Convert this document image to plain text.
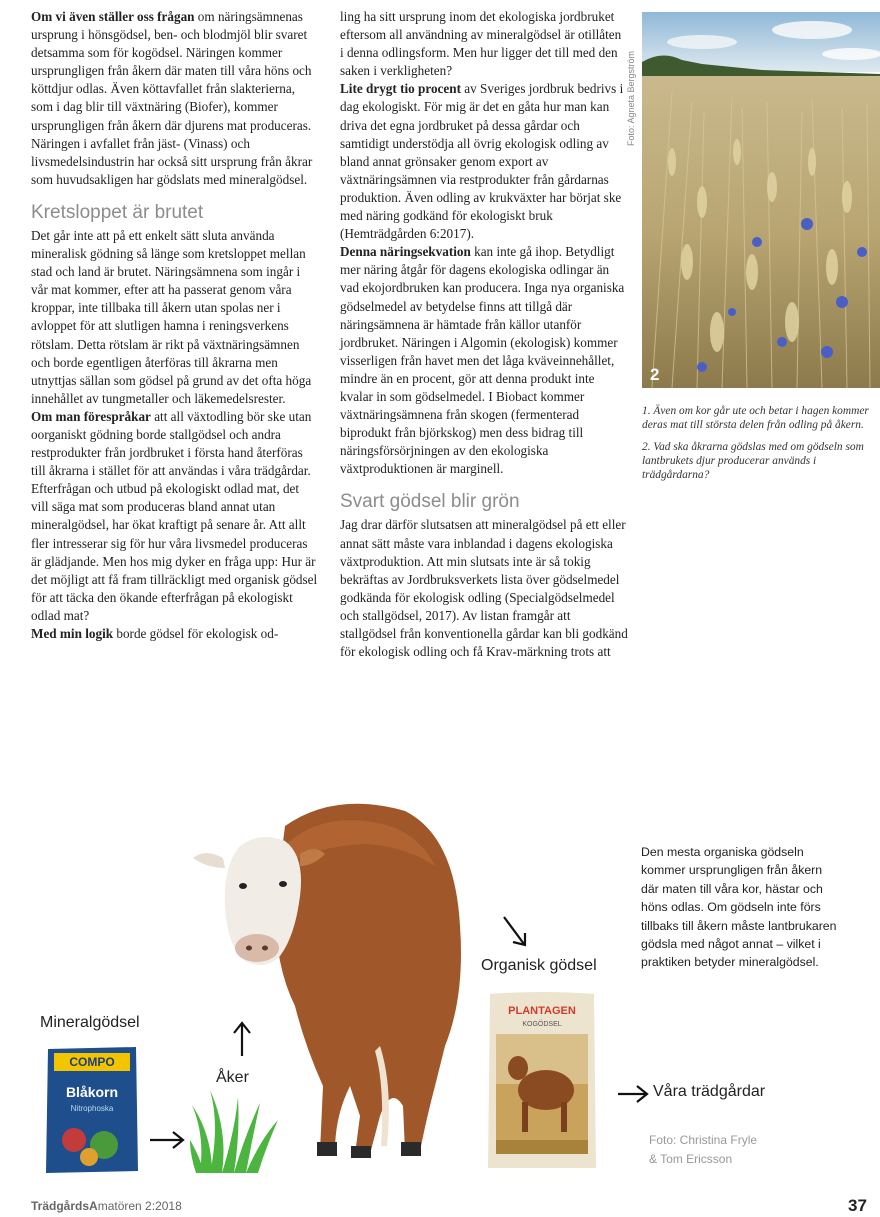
Om vi även ställer oss frågan om näringsämnenas ursprung i hönsgödsel, ben- och blodmjöl blir svaret detsamma som för kogödsel. Näringen kommer ursprungligen från åkern där maten till våra höns och köttdjur odlas. Även köttavfallet från slakterierna, som i dag blir till växtnäring (Biofer), kommer ursprungligen från åkern där djurens mat produceras. Näringen i avfallet från jäst- (Vinass) och livsmedelsindustrin har också sitt ursprung från åkrar som huvudsakligen har gödslats med mineralgödsel.

Kretsloppet är brutet

Det går inte att på ett enkelt sätt sluta använda mineralisk gödning så länge som kretsloppet mellan stad och land är brutet. Näringsämnena som ingår i vår mat kommer, efter att ha passerat genom våra kroppar, inte tillbaka till åkern utan spolas ner i avloppet för att slutligen hamna i reningsverkens rötslam. Detta rötslam är rikt på växtnäringsämnen och borde egentligen återföras till åkrarna men utnyttjas sällan som gödsel på grund av det ofta höga innehållet av tungmetaller och läkemedelsrester.

Om man förespråkar att all växtodling bör ske utan oorganiskt gödning borde stallgödsel och andra restprodukter från jordbruket i första hand återföras till åkrarna i stället för att användas i våra trädgårdar. Efterfrågan och utbud på ekologiskt odlad mat, det vill säga mat som produceras bland annat utan mineralgödsel, har ökat kraftigt på senare år. Att allt fler intresserar sig för hur våra livsmedel produceras är glädjande. Men hos mig dyker en fråga upp: Hur är det möjligt att få fram tillräckligt med organisk gödsel för att täcka den ökande efterfrågan på ekologiskt odlad mat?

Med min logik borde gödsel för ekologisk od-

ling ha sitt ursprung inom det ekologiska jordbruket eftersom all användning av mineralgödsel är otillåten i denna odlingsform. Men hur ligger det till med den saken i verkligheten?

Lite drygt tio procent av Sveriges jordbruk bedrivs i dag ekologiskt. För mig är det en gåta hur man kan driva det egna jordbruket på dessa gårdar och samtidigt understödja all övrig ekologisk odling av bland annat grönsaker genom export av växtnäringsämnen via restprodukter från gårdarnas produktion. Även odling av krukväxter har börjat ske med näring godkänd för ekologiskt bruk (Hemträdgården 6:2017).

Denna näringsekvation kan inte gå ihop. Betydligt mer näring åtgår för dagens ekologiska odlingar än vad ekojordbruken kan producera. Inga nya organiska gödselmedel av betydelse finns att tillgå där näringsämnena är hämtade från källor utanför jordbruket. Näringen i Algomin (ekologisk) kommer visserligen från havet men det låga kväveinnehållet, mindre än en procent, gör att denna produkt inte kvalar in som gödselmedel. I Biobact kommer växtnäringsämnena från skogen (fermenterad biprodukt från björkskog) men dess bidrag till näringsförsörjningen av den ekologiska växtproduktionen är marginell.

Svart gödsel blir grön

Jag drar därför slutsatsen att mineralgödsel på ett eller annat sätt måste vara inblandad i dagens ekologiska växtproduktion. Att min slutsats inte är så tokig bekräftas av Jordbruksverkets lista över gödselmedel godkända för ekologisk odling (Specialgödselmedel och stallgödsel, 2017). Av listan framgår att stallgödsel från konventionella gårdar kan bli godkänd för ekologisk odling och få Krav-märkning trots att

Foto: Agneta Bergström
2

1. Även om kor går ute och betar i hagen kommer deras mat till största delen från odling på åkern.

2. Vad ska åkrarna gödslas med om gödseln som lantbrukets djur producerar används i trädgårdarna?

Den mesta organiska gödseln kommer ursprungligen från åkern där maten till våra kor, hästar och höns odlas. Om gödseln inte förs tillbaks till åkern måste lantbrukaren gödsla med något annat – vilket i praktiken betyder mineralgödsel.
Mineralgödsel
Åker
Organisk gödsel
Våra trädgårdar
COMPO
Blåkorn
Nitrophoska
PLANTAGEN
KOGÖDSEL
Foto: Christina Fryle
& Tom Ericsson
TrädgårdsAmatören 2:2018	37
